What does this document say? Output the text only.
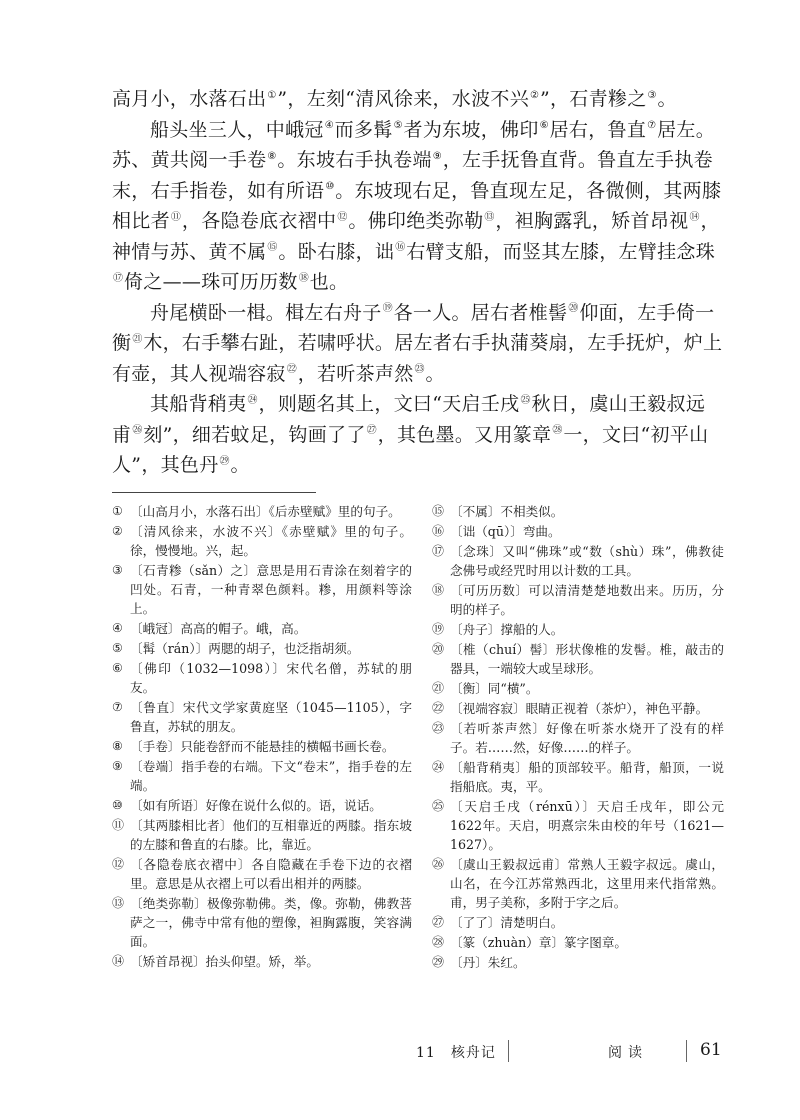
高月小，水落石出①”，左刻“清风徐来，水波不兴②”，石青糁之③。

船头坐三人，中峨冠④而多髯⑤者为东坡，佛印⑥居右，鲁直⑦居左。苏、黄共阅一手卷⑧。东坡右手执卷端⑨，左手抚鲁直背。鲁直左手执卷末，右手指卷，如有所语⑩。东坡现右足，鲁直现左足，各微侧，其两膝相比者⑪，各隐卷底衣褶中⑫。佛印绝类弥勒⑬，袒胸露乳，矫首昂视⑭，神情与苏、黄不属⑮。卧右膝，诎⑯右臂支船，而竖其左膝，左臂挂念珠⑰倚之——珠可历历数⑱也。

舟尾横卧一楫。楫左右舟子⑲各一人。居右者椎髻⑳仰面，左手倚一衡$^㉑$木，右手攀右趾，若啸呼状。居左者右手执蒲葵扇，左手抚炉，炉上有壶，其人视端容寂$^㉒$，若听茶声然$^㉓$。

其船背稍夷$^㉔$，则题名其上，文曰“天启壬戌$^㉕$秋日，虞山王毅叔远甫$^㉖$刻”，细若蚊足，钩画了了$^㉗$，其色墨。又用篆章$^㉘$一，文曰“初平山人”，其色丹$^㉙$。

① 〔山高月小，水落石出〕《后赤壁赋》里的句子。
② 〔清风徐来，水波不兴〕《赤壁赋》里的句子。徐，慢慢地。兴，起。
③ 〔石青糁（sǎn）之〕意思是用石青涂在刻着字的凹处。石青，一种青翠色颜料。糁，用颜料等涂上。
④ 〔峨冠〕高高的帽子。峨，高。
⑤ 〔髯（rán）〕两腮的胡子，也泛指胡须。
⑥ 〔佛印（1032—1098）〕宋代名僧，苏轼的朋友。
⑦ 〔鲁直〕宋代文学家黄庭坚（1045—1105），字鲁直，苏轼的朋友。
⑧ 〔手卷〕只能卷舒而不能悬挂的横幅书画长卷。
⑨ 〔卷端〕指手卷的右端。下文“卷末”，指手卷的左端。
⑩ 〔如有所语〕好像在说什么似的。语，说话。
⑪ 〔其两膝相比者〕他们的互相靠近的两膝。指东坡的左膝和鲁直的右膝。比，靠近。
⑫ 〔各隐卷底衣褶中〕各自隐藏在手卷下边的衣褶里。意思是从衣褶上可以看出相并的两膝。
⑬ 〔绝类弥勒〕极像弥勒佛。类，像。弥勒，佛教菩萨之一，佛寺中常有他的塑像，袒胸露腹，笑容满面。
⑭ 〔矫首昂视〕抬头仰望。矫，举。
⑮ 〔不属〕不相类似。
⑯ 〔诎（qū）〕弯曲。
⑰ 〔念珠〕又叫“佛珠”或“数（shù）珠”，佛教徒念佛号或经咒时用以计数的工具。
⑱ 〔可历历数〕可以清清楚楚地数出来。历历，分明的样子。
⑲ 〔舟子〕撑船的人。
⑳ 〔椎（chuí）髻〕形状像椎的发髻。椎，敲击的器具，一端较大或呈球形。
㉑ 〔衡〕同“横”。
㉒ 〔视端容寂〕眼睛正视着（茶炉），神色平静。
㉓ 〔若听茶声然〕好像在听茶水烧开了没有的样子。若……然，好像……的样子。
㉔ 〔船背稍夷〕船的顶部较平。船背，船顶，一说指船底。夷，平。
㉕ 〔天启壬戌（rénxū）〕天启壬戌年，即公元1622年。天启，明熹宗朱由校的年号（1621—1627）。
㉖ 〔虞山王毅叔远甫〕常熟人王毅字叔远。虞山，山名，在今江苏常熟西北，这里用来代指常熟。甫，男子美称，多附于字之后。
㉗ 〔了了〕清楚明白。
㉘ 〔篆（zhuàn）章〕篆字图章。
㉙ 〔丹〕朱红。
11　核舟记	阅读	61
